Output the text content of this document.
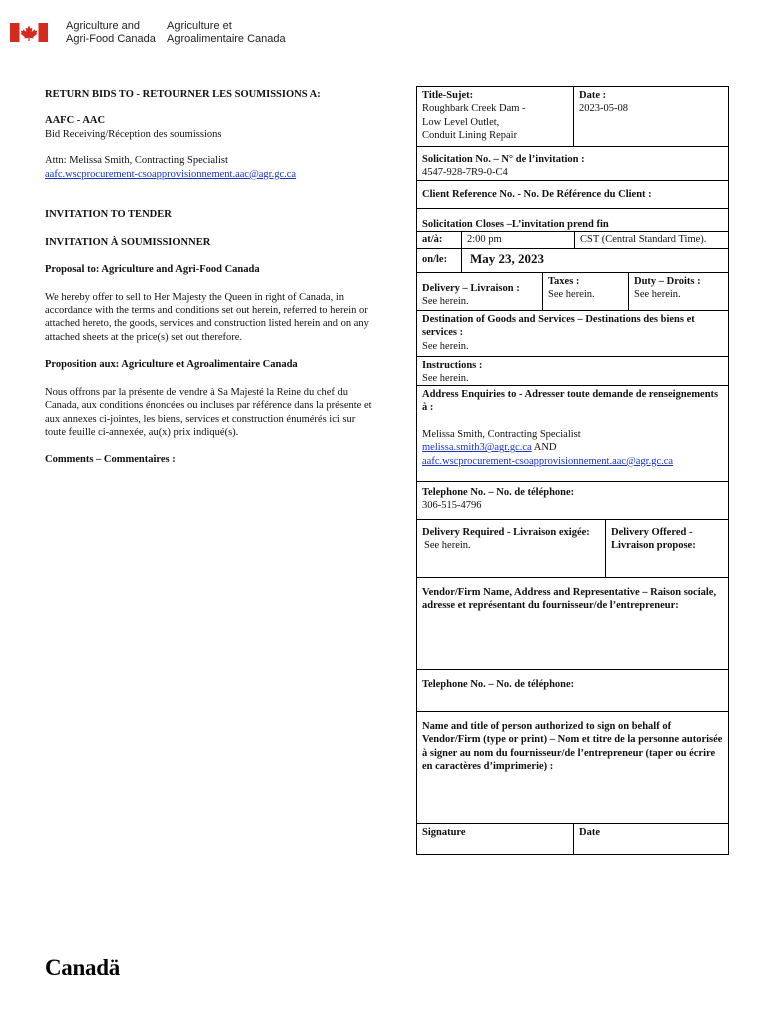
Agriculture and
Agri-Food Canada
Agriculture et
Agroalimentaire Canada

RETURN BIDS TO - RETOURNER LES SOUMISSIONS A:

AAFC - AAC

Bid Receiving/Réception des soumissions

Attn: Melissa Smith, Contracting Specialist

aafc.wscprocurement-csoapprovisionnement.aac@agr.gc.ca

INVITATION TO TENDER

INVITATION À SOUMISSIONNER

Proposal to: Agriculture and Agri-Food Canada

We hereby offer to sell to Her Majesty the Queen in right of Canada, in accordance with the terms and conditions set out herein, referred to herein or attached hereto, the goods, services and construction listed herein and on any attached sheets at the price(s) set out therefore.

Proposition aux: Agriculture et Agroalimentaire Canada

Nous offrons par la présente de vendre à Sa Majesté la Reine du chef du Canada, aux conditions énoncées ou incluses par référence dans la présente et aux annexes ci-jointes, les biens, services et construction énumérés ici sur toute feuille ci-annexée, au(x) prix indiqué(s).

Comments – Commentaires :

Title-Sujet:
Roughbark Creek Dam -
Low Level Outlet,
Conduit Lining Repair
Date :
2023-05-08
Solicitation No. – N° de l’invitation :
4547-928-7R9-0-C4
Client Reference No. - No. De Référence du Client :
Solicitation Closes –L’invitation prend fin
at/à:	2:00 pm	CST (Central Standard Time).
on/le:	May 23, 2023
Delivery – Livraison :
See herein.
Taxes :
See herein.
Duty – Droits :
See herein.
Destination of Goods and Services – Destinations des biens et services :
See herein.
Instructions :
See herein.
Address Enquiries to - Adresser toute demande de renseignements à :
Melissa Smith, Contracting Specialist
melissa.smith3@agr.gc.ca AND
aafc.wscprocurement-csoapprovisionnement.aac@agr.gc.ca
Telephone No. – No. de téléphone:
306-515-4796
Delivery Required - Livraison exigée:
See herein.
Delivery Offered - Livraison propose:
Vendor/Firm Name, Address and Representative – Raison sociale, adresse et représentant du fournisseur/de l’entrepreneur:
Telephone No. – No. de téléphone:
Name and title of person authorized to sign on behalf of Vendor/Firm (type or print) – Nom et titre de la personne autorisée à signer au nom du fournisseur/de l’entrepreneur (taper ou écrire en caractères d’imprimerie) :
Signature	Date
Canadä
